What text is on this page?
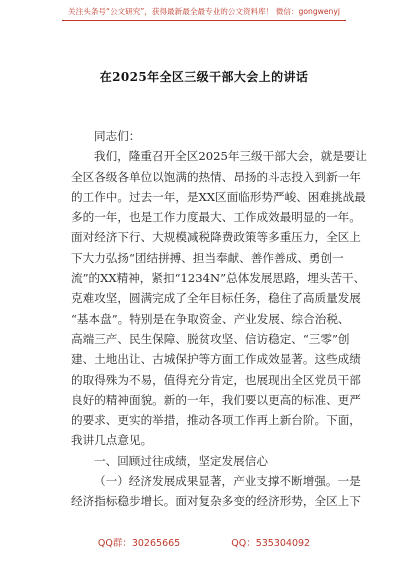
关注头条号“公文研究”，获得最新最全最专业的公文资料库！ 微信：gongwenyj
在2025年全区三级干部大会上的讲话
同志们：
我们，隆重召开全区2025年三级干部大会，就是要让
全区各级各单位以饱满的热情、昂扬的斗志投入到新一年
的工作中。过去一年，是XX区面临形势严峻、困难挑战最
多的一年，也是工作力度最大、工作成效最明显的一年。
面对经济下行、大规模减税降费政策等多重压力，全区上
下大力弘扬“团结拼搏、担当奉献、善作善成、勇创一
流”的XX精神，紧扣“1234N”总体发展思路，埋头苦干、
克难攻坚，圆满完成了全年目标任务，稳住了高质量发展
“基本盘”。特别是在争取资金、产业发展、综合治税、
高端三产、民生保障、脱贫攻坚、信访稳定、“三零”创
建、土地出让、古城保护等方面工作成效显著。这些成绩
的取得殊为不易，值得充分肯定，也展现出全区党员干部
良好的精神面貌。新的一年，我们要以更高的标准、更严
的要求、更实的举措，推动各项工作再上新台阶。下面，
我讲几点意见。
一、回顾过往成绩，坚定发展信心
（一）经济发展成果显著，产业支撑不断增强。一是
经济指标稳步增长。面对复杂多变的经济形势，全区上下
QQ群：30265665	QQ：535304092
